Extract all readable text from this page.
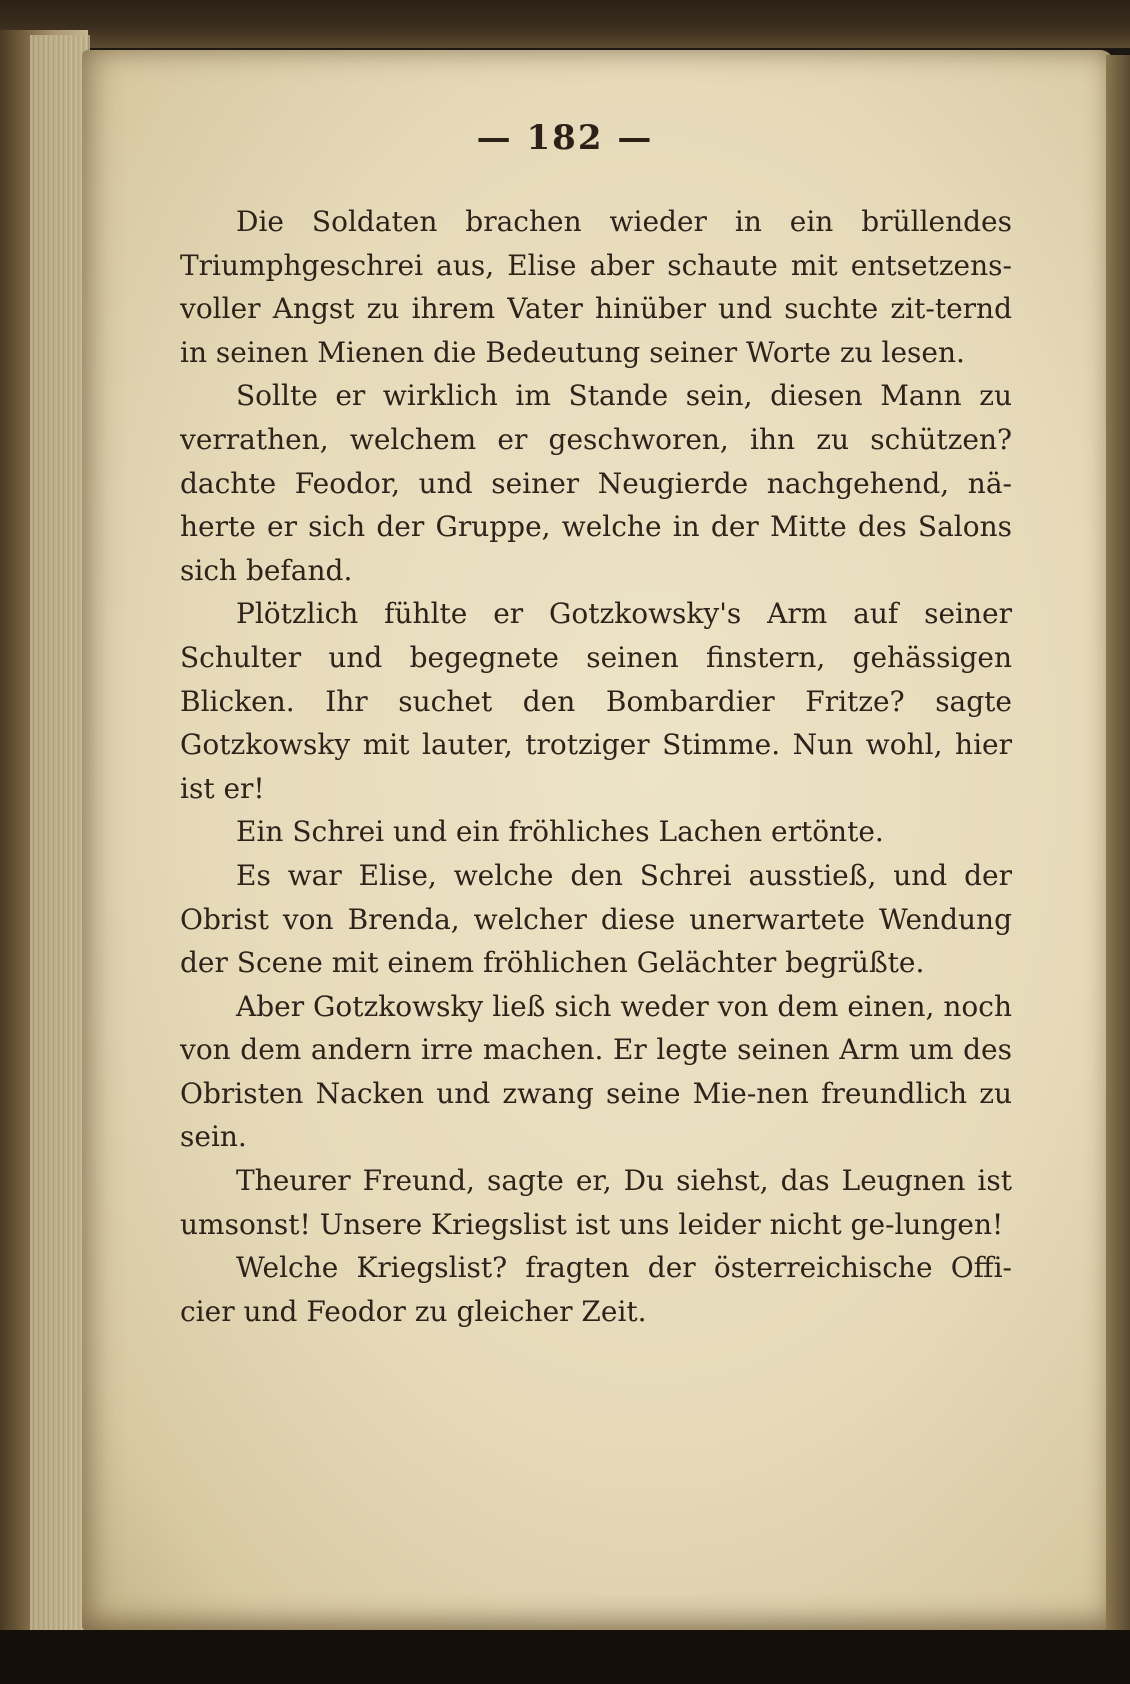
— 182 —

Die Soldaten brachen wieder in ein brüllendes Triumphgeschrei aus, Elise aber schaute mit entsetzens-voller Angst zu ihrem Vater hinüber und suchte zit-ternd in seinen Mienen die Bedeutung seiner Worte zu lesen.

Sollte er wirklich im Stande sein, diesen Mann zu verrathen, welchem er geschworen, ihn zu schützen? dachte Feodor, und seiner Neugierde nachgehend, nä-herte er sich der Gruppe, welche in der Mitte des Salons sich befand.

Plötzlich fühlte er Gotzkowsky's Arm auf seiner Schulter und begegnete seinen finstern, gehässigen Blicken. Ihr suchet den Bombardier Fritze? sagte Gotzkowsky mit lauter, trotziger Stimme. Nun wohl, hier ist er!

Ein Schrei und ein fröhliches Lachen ertönte.

Es war Elise, welche den Schrei ausstieß, und der Obrist von Brenda, welcher diese unerwartete Wendung der Scene mit einem fröhlichen Gelächter begrüßte.

Aber Gotzkowsky ließ sich weder von dem einen, noch von dem andern irre machen. Er legte seinen Arm um des Obristen Nacken und zwang seine Mie-nen freundlich zu sein.

Theurer Freund, sagte er, Du siehst, das Leugnen ist umsonst! Unsere Kriegslist ist uns leider nicht ge-lungen!

Welche Kriegslist? fragten der österreichische Offi-cier und Feodor zu gleicher Zeit.
